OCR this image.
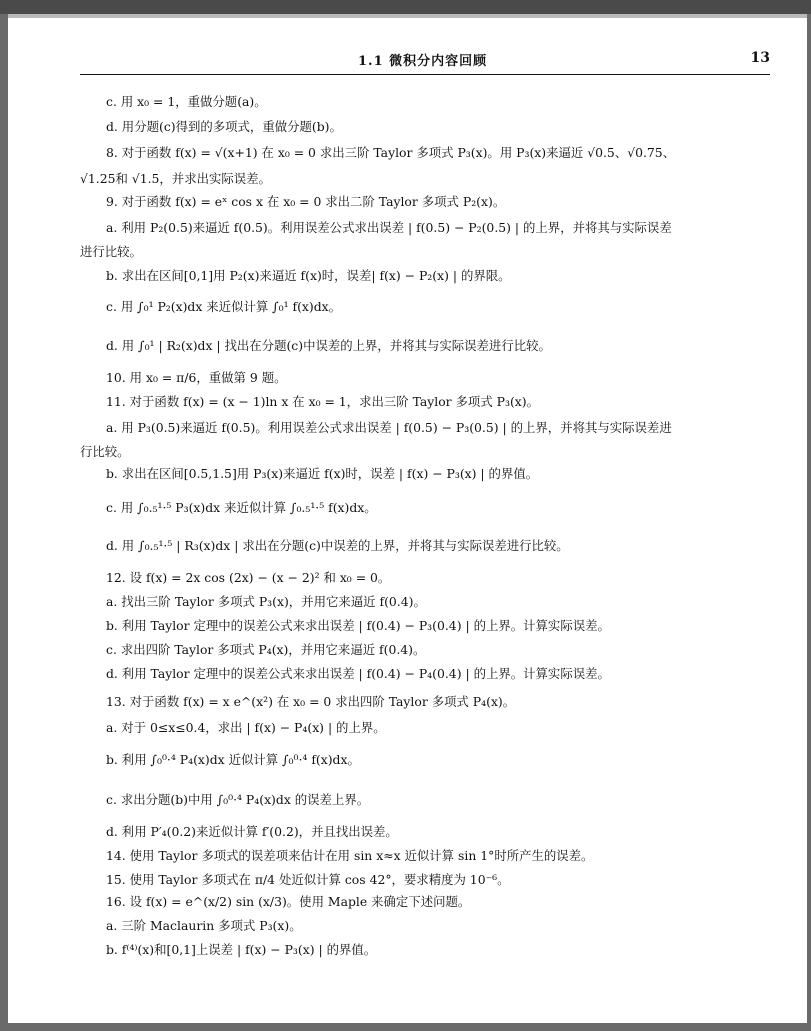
1.1 微积分内容回顾	13
c. 用 x₀ = 1，重做分题(a)。
d. 用分题(c)得到的多项式，重做分题(b)。
8. 对于函数 f(x) = √(x+1) 在 x₀ = 0 求出三阶 Taylor 多项式 P₃(x)。用 P₃(x)来逼近 √0.5、√0.75、
√1.25和 √1.5，并求出实际误差。
9. 对于函数 f(x) = eˣ cos x 在 x₀ = 0 求出二阶 Taylor 多项式 P₂(x)。
a. 利用 P₂(0.5)来逼近 f(0.5)。利用误差公式求出误差 | f(0.5) − P₂(0.5) | 的上界，并将其与实际误差
进行比较。
b. 求出在区间[0,1]用 P₂(x)来逼近 f(x)时，误差| f(x) − P₂(x) | 的界限。
c. 用 ∫₀¹ P₂(x)dx 来近似计算 ∫₀¹ f(x)dx。
d. 用 ∫₀¹ | R₂(x)dx | 找出在分题(c)中误差的上界，并将其与实际误差进行比较。
10. 用 x₀ = π/6，重做第 9 题。
11. 对于函数 f(x) = (x − 1)ln x 在 x₀ = 1，求出三阶 Taylor 多项式 P₃(x)。
a. 用 P₃(0.5)来逼近 f(0.5)。利用误差公式求出误差 | f(0.5) − P₃(0.5) | 的上界，并将其与实际误差进
行比较。
b. 求出在区间[0.5,1.5]用 P₃(x)来逼近 f(x)时，误差 | f(x) − P₃(x) | 的界值。
c. 用 ∫₀.₅¹·⁵ P₃(x)dx 来近似计算 ∫₀.₅¹·⁵ f(x)dx。
d. 用 ∫₀.₅¹·⁵ | R₃(x)dx | 求出在分题(c)中误差的上界，并将其与实际误差进行比较。
12. 设 f(x) = 2x cos (2x) − (x − 2)² 和 x₀ = 0。
a. 找出三阶 Taylor 多项式 P₃(x)，并用它来逼近 f(0.4)。
b. 利用 Taylor 定理中的误差公式来求出误差 | f(0.4) − P₃(0.4) | 的上界。计算实际误差。
c. 求出四阶 Taylor 多项式 P₄(x)，并用它来逼近 f(0.4)。
d. 利用 Taylor 定理中的误差公式来求出误差 | f(0.4) − P₄(0.4) | 的上界。计算实际误差。
13. 对于函数 f(x) = x e^(x²) 在 x₀ = 0 求出四阶 Taylor 多项式 P₄(x)。
a. 对于 0≤x≤0.4，求出 | f(x) − P₄(x) | 的上界。
b. 利用 ∫₀⁰·⁴ P₄(x)dx 近似计算 ∫₀⁰·⁴ f(x)dx。
c. 求出分题(b)中用 ∫₀⁰·⁴ P₄(x)dx 的误差上界。
d. 利用 P′₄(0.2)来近似计算 f′(0.2)，并且找出误差。
14. 使用 Taylor 多项式的误差项来估计在用 sin x≈x 近似计算 sin 1°时所产生的误差。
15. 使用 Taylor 多项式在 π/4 处近似计算 cos 42°，要求精度为 10⁻⁶。
16. 设 f(x) = e^(x/2) sin (x/3)。使用 Maple 来确定下述问题。
a. 三阶 Maclaurin 多项式 P₃(x)。
b. f⁽⁴⁾(x)和[0,1]上误差 | f(x) − P₃(x) | 的界值。
